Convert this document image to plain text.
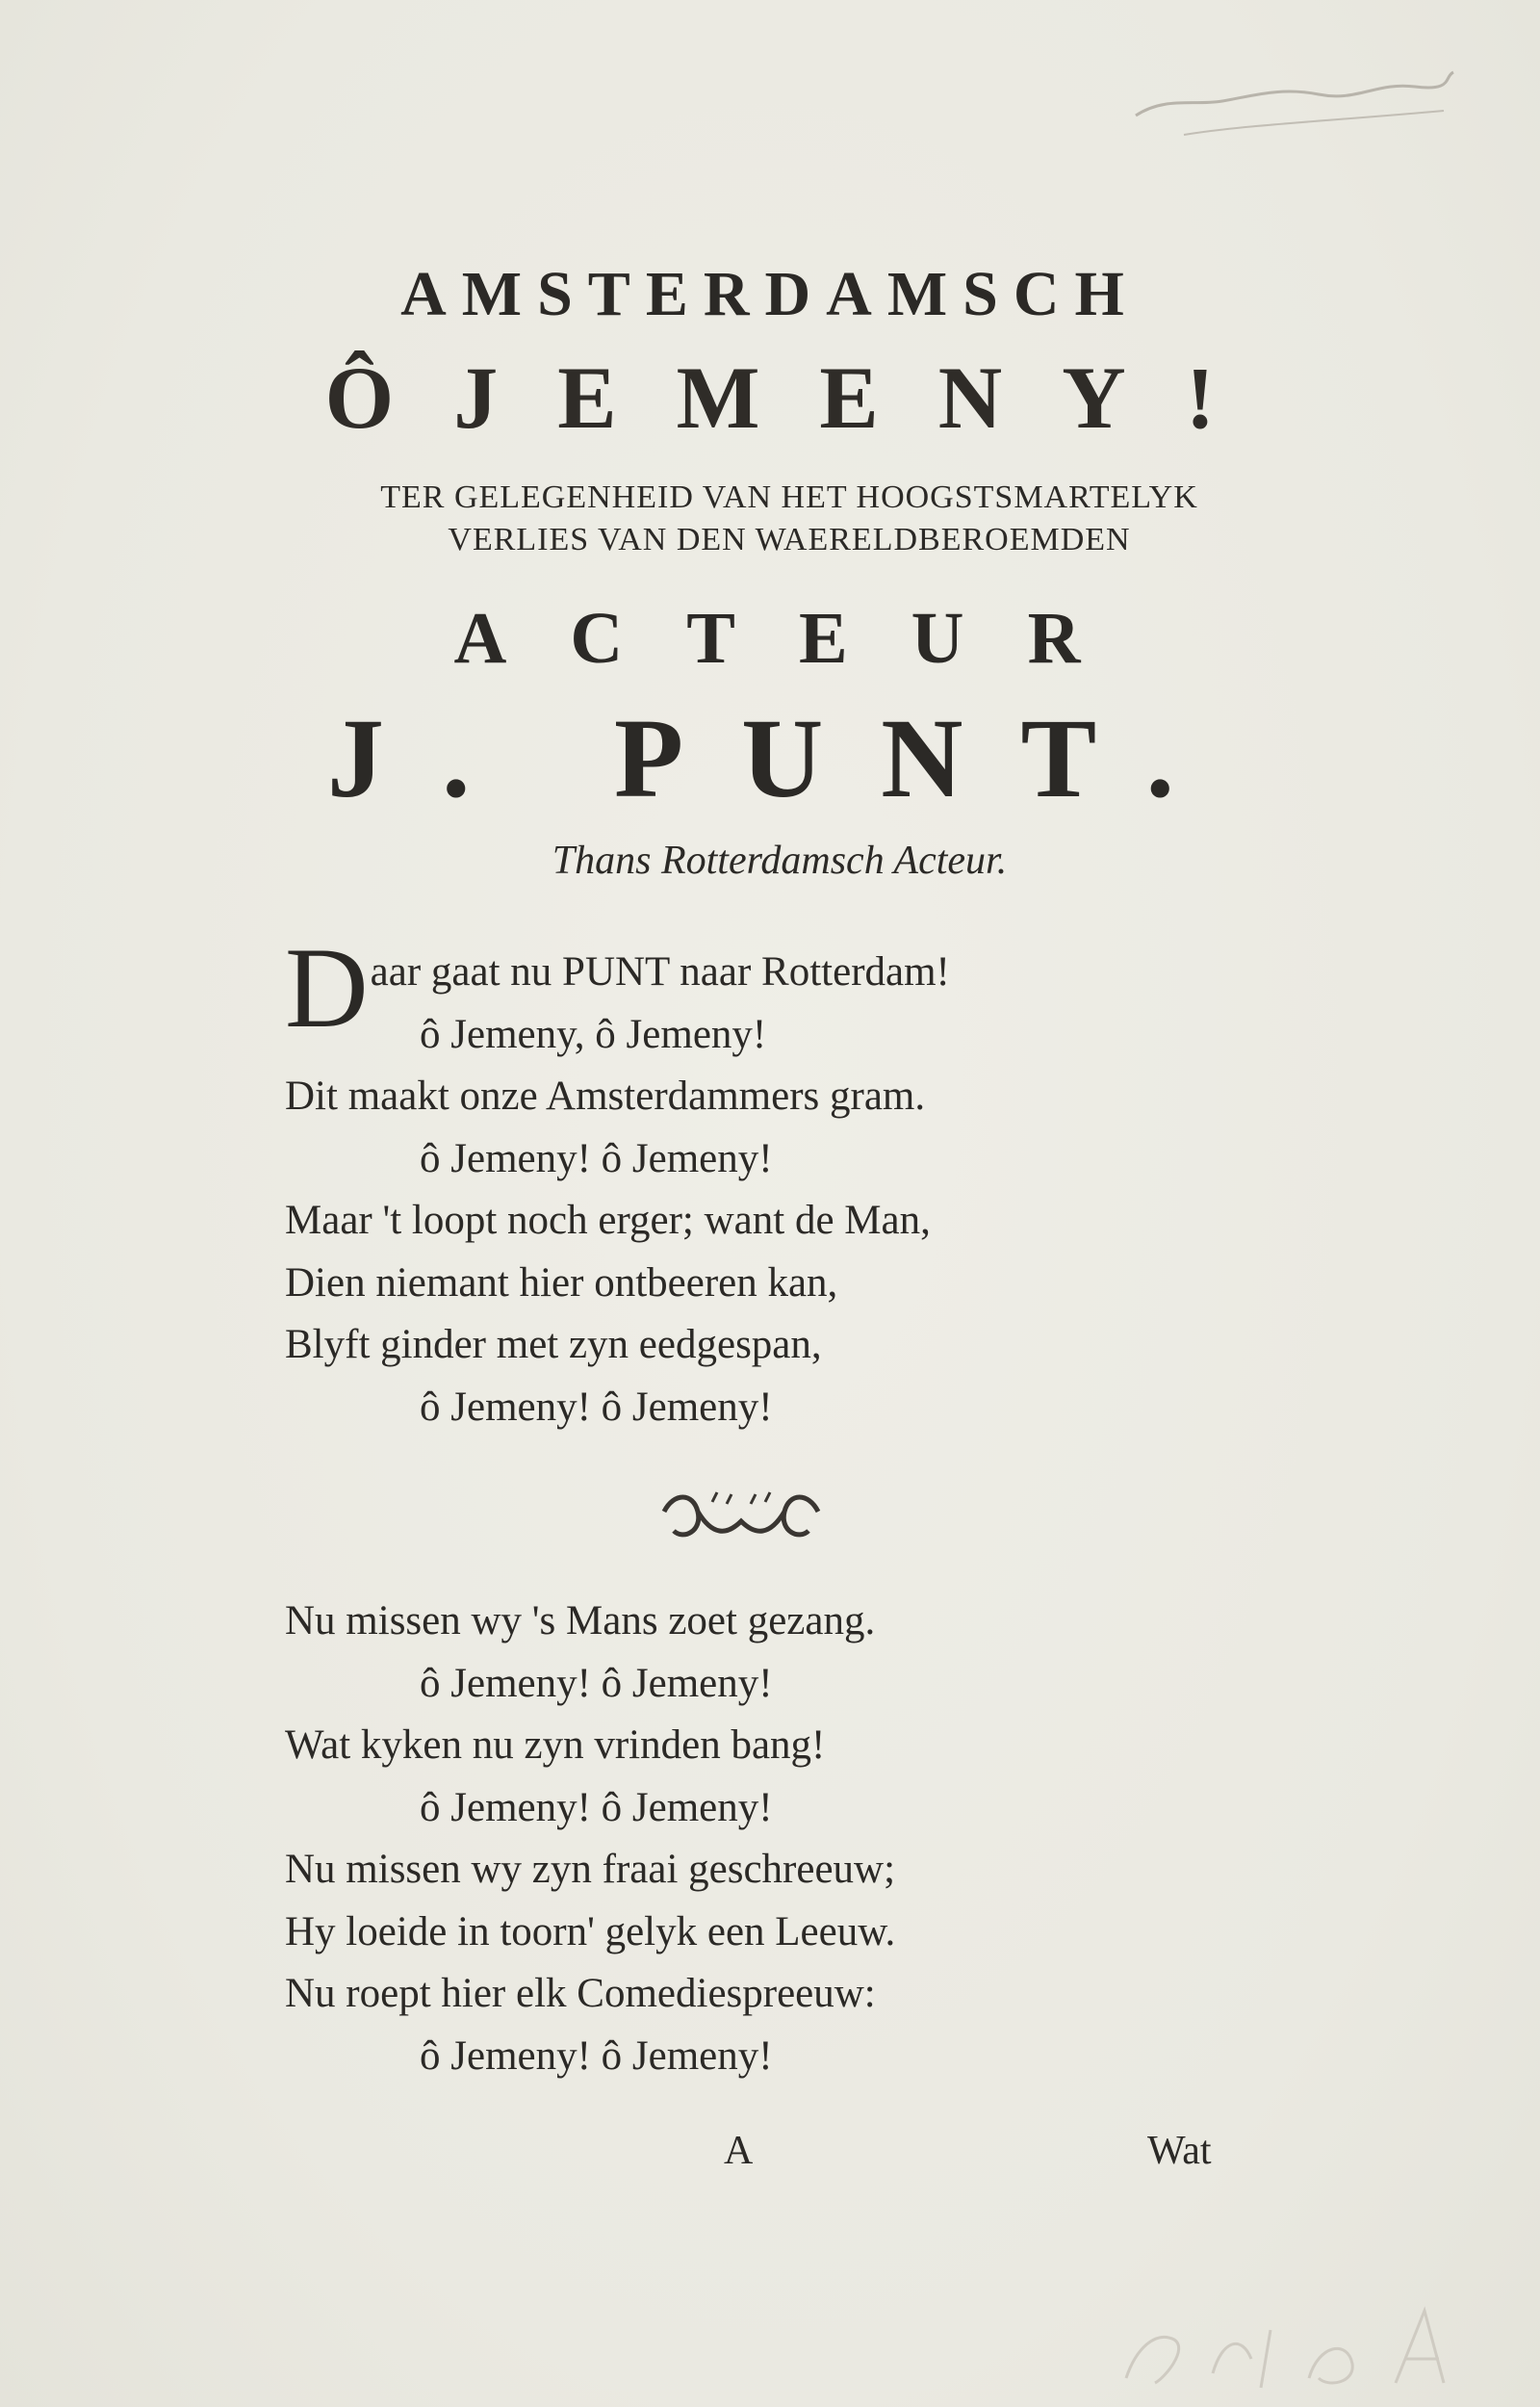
AMSTERDAMSCH
ÔJEMENY!
TER GELEGENHEID VAN HET HOOGSTSMARTELYK
VERLIES VAN DEN WAERELDBEROEMDEN
ACTEUR
J. PUNT.
Thans Rotterdamsch Acteur.
D aar gaat nu PUNT naar Rotterdam!
ô Jemeny, ô Jemeny!
Dit maakt onze Amsterdammers gram.
ô Jemeny! ô Jemeny!
Maar 't loopt noch erger; want de Man,
Dien niemant hier ontbeeren kan,
Blyft ginder met zyn eedgespan,
ô Jemeny! ô Jemeny!
Nu missen wy 's Mans zoet gezang.
ô Jemeny! ô Jemeny!
Wat kyken nu zyn vrinden bang!
ô Jemeny! ô Jemeny!
Nu missen wy zyn fraai geschreeuw;
Hy loeide in toorn' gelyk een Leeuw.
Nu roept hier elk Comediespreeuw:
ô Jemeny! ô Jemeny!
A	Wat
